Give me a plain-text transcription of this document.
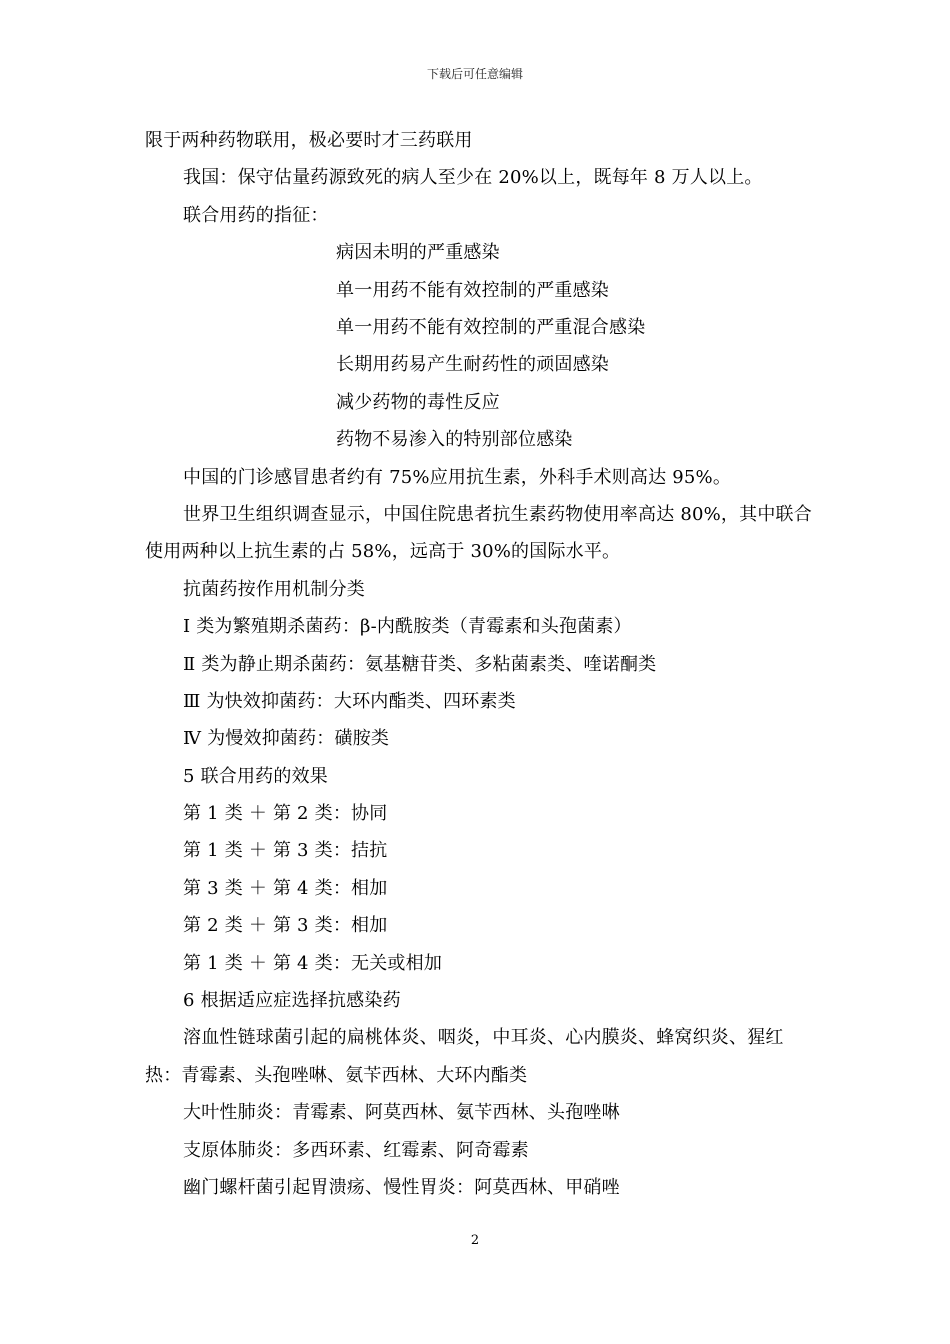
下载后可任意编辑
限于两种药物联用，极必要时才三药联用
我国：保守估量药源致死的病人至少在 20%以上，既每年 8 万人以上。
联合用药的指征：
病因未明的严重感染
单一用药不能有效控制的严重感染
单一用药不能有效控制的严重混合感染
长期用药易产生耐药性的顽固感染
减少药物的毒性反应
药物不易渗入的特别部位感染
中国的门诊感冒患者约有 75%应用抗生素，外科手术则高达 95%。
世界卫生组织调查显示，中国住院患者抗生素药物使用率高达 80%，其中联合使用两种以上抗生素的占 58%，远高于 30%的国际水平。
抗菌药按作用机制分类
Ⅰ 类为繁殖期杀菌药：β-内酰胺类（青霉素和头孢菌素）
Ⅱ 类为静止期杀菌药：氨基糖苷类、多粘菌素类、喹诺酮类
Ⅲ 为快效抑菌药：大环内酯类、四环素类
Ⅳ 为慢效抑菌药：磺胺类
5 联合用药的效果
第 1 类 ＋ 第 2 类：协同
第 1 类 ＋ 第 3 类：拮抗
第 3 类 ＋ 第 4 类：相加
第 2 类 ＋ 第 3 类：相加
第 1 类 ＋ 第 4 类：无关或相加
6 根据适应症选择抗感染药
溶血性链球菌引起的扁桃体炎、咽炎，中耳炎、心内膜炎、蜂窝织炎、猩红热：青霉素、头孢唑啉、氨苄西林、大环内酯类
大叶性肺炎：青霉素、阿莫西林、氨苄西林、头孢唑啉
支原体肺炎：多西环素、红霉素、阿奇霉素
幽门螺杆菌引起胃溃疡、慢性胃炎：阿莫西林、甲硝唑
2
